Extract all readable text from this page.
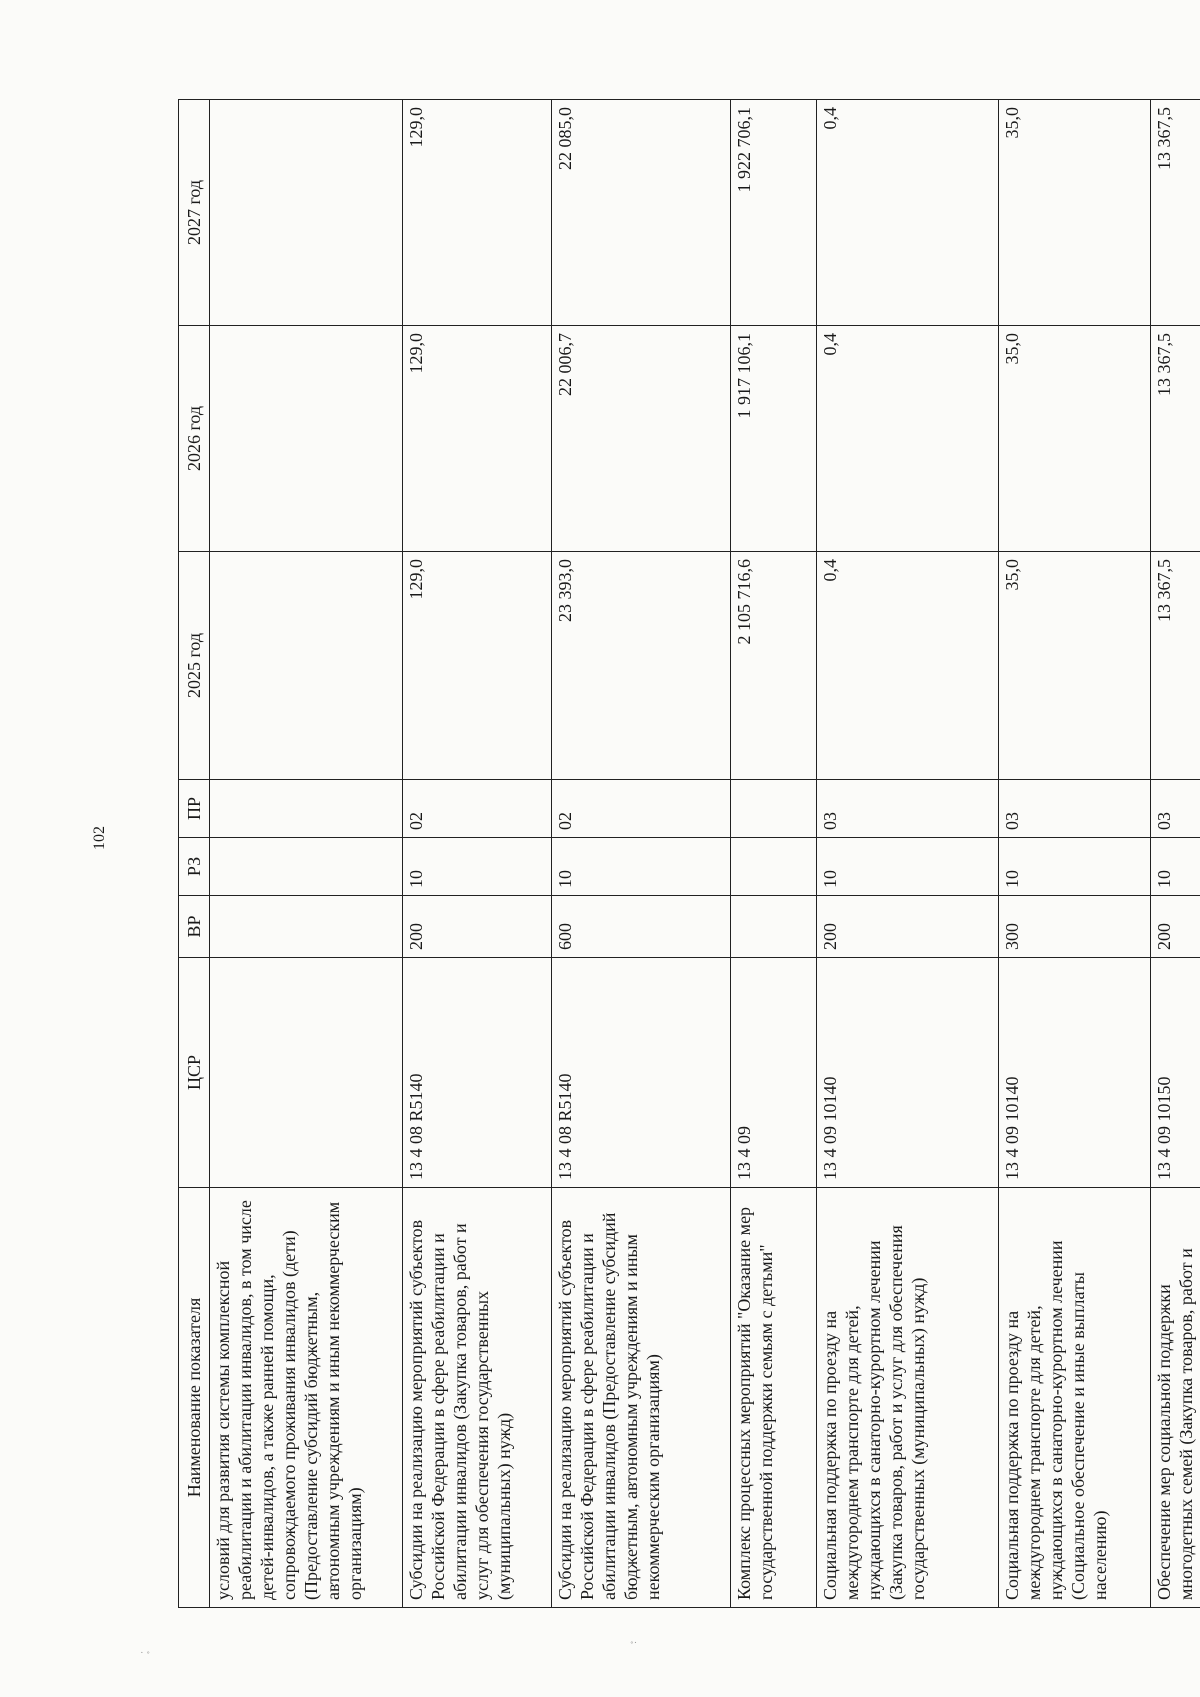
102
Наименование показателя	ЦСР	ВР	РЗ	ПР	2025 год	2026 год	2027 год
условий для развития системы комплексной реабилитации и абилитации инвалидов, в том числе детей-инвалидов, а также ранней помощи, сопровождаемого проживания инвалидов (дети) (Предоставление субсидий бюджетным, автономным учреждениям и иным некоммерческим организациям)							
Субсидии на реализацию мероприятий субъектов Российской Федерации в сфере реабилитации и абилитации инвалидов (Закупка товаров, работ и услуг для обеспечения государственных (муниципальных) нужд)	13 4 08 R5140	200	10	02	129,0	129,0	129,0
Субсидии на реализацию мероприятий субъектов Российской Федерации в сфере реабилитации и абилитации инвалидов (Предоставление субсидий бюджетным, автономным учреждениям и иным некоммерческим организациям)	13 4 08 R5140	600	10	02	23 393,0	22 006,7	22 085,0
Комплекс процессных мероприятий "Оказание мер государственной поддержки семьям с детьми"	13 4 09				2 105 716,6	1 917 106,1	1 922 706,1
Социальная поддержка по проезду на междугороднем транспорте для детей, нуждающихся в санаторно-курортном лечении (Закупка товаров, работ и услуг для обеспечения государственных (муниципальных) нужд)	13 4 09 10140	200	10	03	0,4	0,4	0,4
Социальная поддержка по проезду на междугороднем транспорте для детей, нуждающихся в санаторно-курортном лечении (Социальное обеспечение и иные выплаты населению)	13 4 09 10140	300	10	03	35,0	35,0	35,0
Обеспечение мер социальной поддержки многодетных семей (Закупка товаров, работ и	13 4 09 10150	200	10	03	13 367,5	13 367,5	13 367,5
˙ ˚
˚˙
